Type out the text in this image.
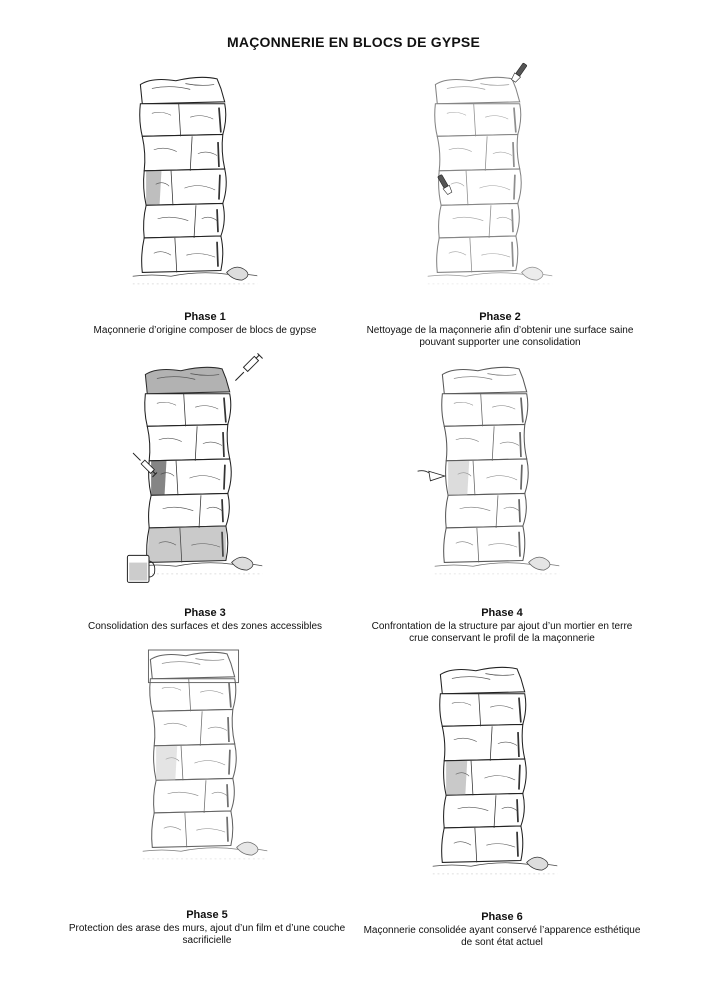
MAÇONNERIE EN BLOCS DE GYPSE
Phase 1
Maçonnerie d’origine composer de blocs de gypse
Phase 2
Nettoyage de la maçonnerie afin d’obtenir une surface saine pouvant supporter une consolidation
Phase 3
Consolidation des surfaces et des zones accessibles
Phase 4
Confrontation de la structure par ajout d’un mortier en terre crue conservant le profil de la maçonnerie
Phase 5
Protection des arase des murs, ajout d’un film et d’une couche sacrificielle
Phase 6
Maçonnerie consolidée ayant conservé l’apparence esthétique de sont état actuel
